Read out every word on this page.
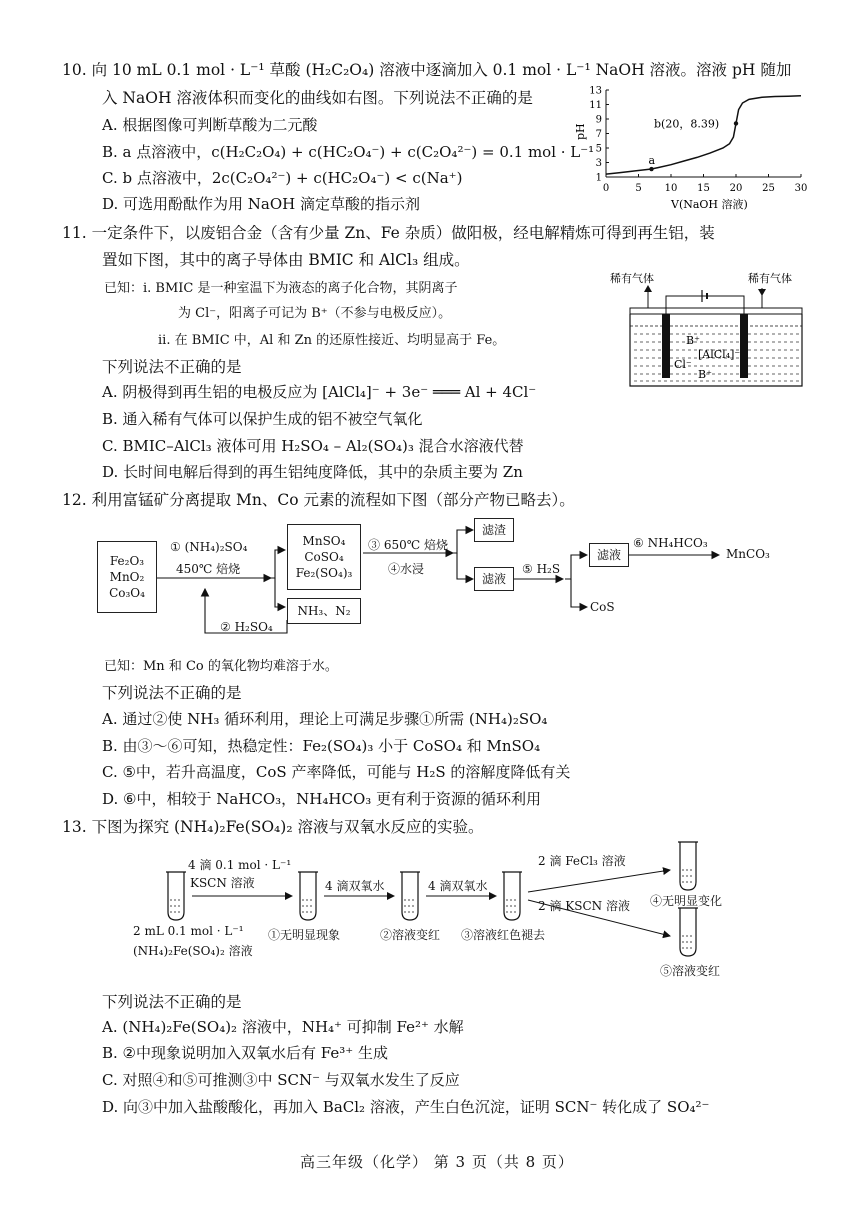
10. 向 10 mL 0.1 mol · L⁻¹ 草酸 (H₂C₂O₄) 溶液中逐滴加入 0.1 mol · L⁻¹ NaOH 溶液。溶液 pH 随加
入 NaOH 溶液体积而变化的曲线如右图。下列说法不正确的是
A. 根据图像可判断草酸为二元酸
B. a 点溶液中，c(H₂C₂O₄) + c(HC₂O₄⁻) + c(C₂O₄²⁻) = 0.1 mol · L⁻¹
C. b 点溶液中，2c(C₂O₄²⁻) + c(HC₂O₄⁻) < c(Na⁺)
D. 可选用酚酞作为用 NaOH 滴定草酸的指示剂
1
3
5
7
9
11
13
0	5 10 15 20 25 30
a
b(20，8.39)
pH
V(NaOH 溶液)
11. 一定条件下，以废铝合金（含有少量 Zn、Fe 杂质）做阳极，经电解精炼可得到再生铝，装
置如下图，其中的离子导体由 BMIC 和 AlCl₃ 组成。
已知：i. BMIC 是一种室温下为液态的离子化合物，其阴离子
为 Cl⁻，阳离子可记为 B⁺（不参与电极反应）。
ii. 在 BMIC 中，Al 和 Zn 的还原性接近、均明显高于 Fe。
下列说法不正确的是
A. 阴极得到再生铝的电极反应为 [AlCl₄]⁻ + 3e⁻ ═══ Al + 4Cl⁻
B. 通入稀有气体可以保护生成的铝不被空气氧化
C. BMIC–AlCl₃ 液体可用 H₂SO₄ – Al₂(SO₄)₃ 混合水溶液代替
D. 长时间电解后得到的再生铝纯度降低，其中的杂质主要为 Zn
稀有气体	稀有气体
B⁺
[AlCl₄]⁻
Cl⁻
B⁺
12. 利用富锰矿分离提取 Mn、Co 元素的流程如下图（部分产物已略去）。
Fe₂O₃
MnO₂
Co₃O₄
① (NH₄)₂SO₄
450℃ 焙烧
MnSO₄
CoSO₄
Fe₂(SO₄)₃
NH₃、N₂
② H₂SO₄
③ 650℃ 焙烧
④水浸
滤渣
滤液
⑤ H₂S
滤液
CoS
⑥ NH₄HCO₃
MnCO₃
已知：Mn 和 Co 的氧化物均难溶于水。
下列说法不正确的是
A. 通过②使 NH₃ 循环利用，理论上可满足步骤①所需 (NH₄)₂SO₄
B. 由③～⑥可知，热稳定性：Fe₂(SO₄)₃ 小于 CoSO₄ 和 MnSO₄
C. ⑤中，若升高温度，CoS 产率降低，可能与 H₂S 的溶解度降低有关
D. ⑥中，相较于 NaHCO₃，NH₄HCO₃ 更有利于资源的循环利用
13. 下图为探究 (NH₄)₂Fe(SO₄)₂ 溶液与双氧水反应的实验。
4 滴 0.1 mol · L⁻¹
KSCN 溶液
2 mL 0.1 mol · L⁻¹
(NH₄)₂Fe(SO₄)₂ 溶液
4 滴双氧水	4 滴双氧水
①无明显现象	②溶液变红 ③溶液红色褪去
2 滴 FeCl₃ 溶液
2 滴 KSCN 溶液 ④无明显变化
⑤溶液变红
下列说法不正确的是
A. (NH₄)₂Fe(SO₄)₂ 溶液中，NH₄⁺ 可抑制 Fe²⁺ 水解
B. ②中现象说明加入双氧水后有 Fe³⁺ 生成
C. 对照④和⑤可推测③中 SCN⁻ 与双氧水发生了反应
D. 向③中加入盐酸酸化，再加入 BaCl₂ 溶液，产生白色沉淀，证明 SCN⁻ 转化成了 SO₄²⁻
高三年级（化学） 第 3 页（共 8 页）
